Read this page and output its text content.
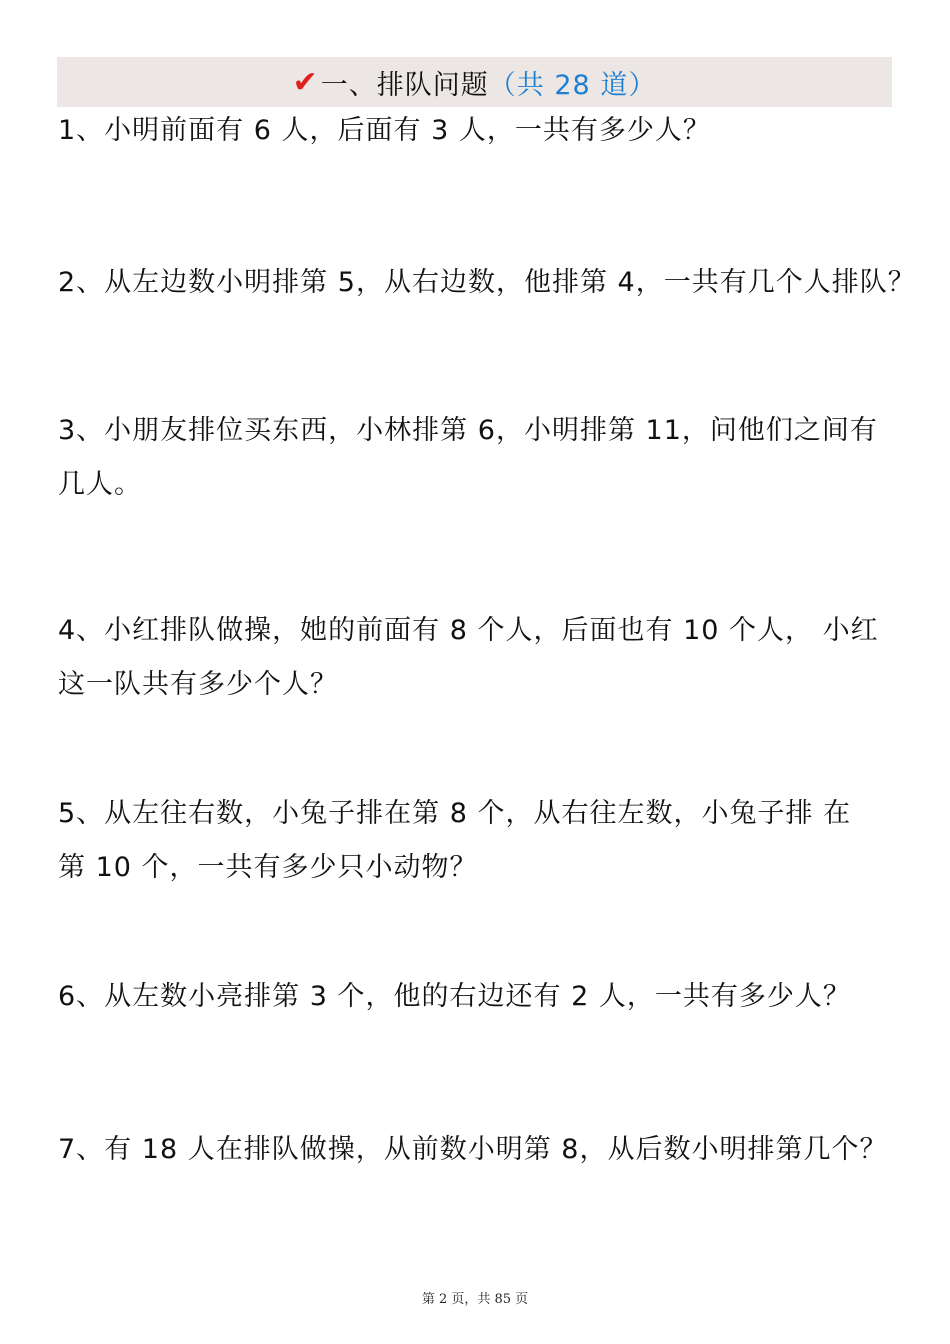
✔ 一、排队问题 （共 28 道）
1、小明前面有 6 人，后面有 3 人，一共有多少人？
2、从左边数小明排第 5，从右边数，他排第 4，一共有几个人排队？
3、小朋友排位买东西，小林排第 6，小明排第 11，问他们之间有
几人。
4、小红排队做操，她的前面有 8 个人，后面也有 10 个人， 小红
这一队共有多少个人？
5、从左往右数，小兔子排在第 8 个，从右往左数，小兔子排 在
第 10 个，一共有多少只小动物？
6、从左数小亮排第 3 个，他的右边还有 2 人，一共有多少人？
7、有 18 人在排队做操，从前数小明第 8，从后数小明排第几个？
第 2 页，共 85 页
